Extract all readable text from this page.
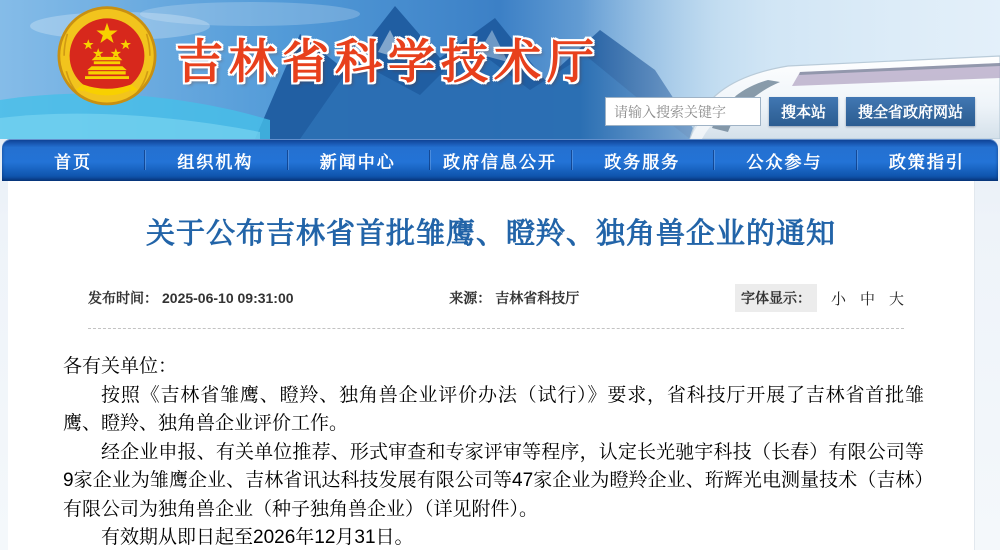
吉林省科学技术厅
请输入搜索关键字
搜本站	搜全省政府网站
首页	组织机构	新闻中心	政府信息公开	政务服务	公众参与	政策指引
关于公布吉林省首批雏鹰、瞪羚、独角兽企业的通知
发布时间： 2025-06-10 09:31:00	来源： 吉林省科技厅	字体显示：	小 中 大

各有关单位：

按照《吉林省雏鹰、瞪羚、独角兽企业评价办法（试行）》要求，省科技厅开展了吉林省首批雏鹰、瞪羚、独角兽企业评价工作。

经企业申报、有关单位推荐、形式审查和专家评审等程序，认定长光驰宇科技（长春）有限公司等9家企业为雏鹰企业、吉林省讯达科技发展有限公司等47家企业为瞪羚企业、珩辉光电测量技术（吉林）有限公司为独角兽企业（种子独角兽企业）（详见附件）。

有效期从即日起至2026年12月31日。
